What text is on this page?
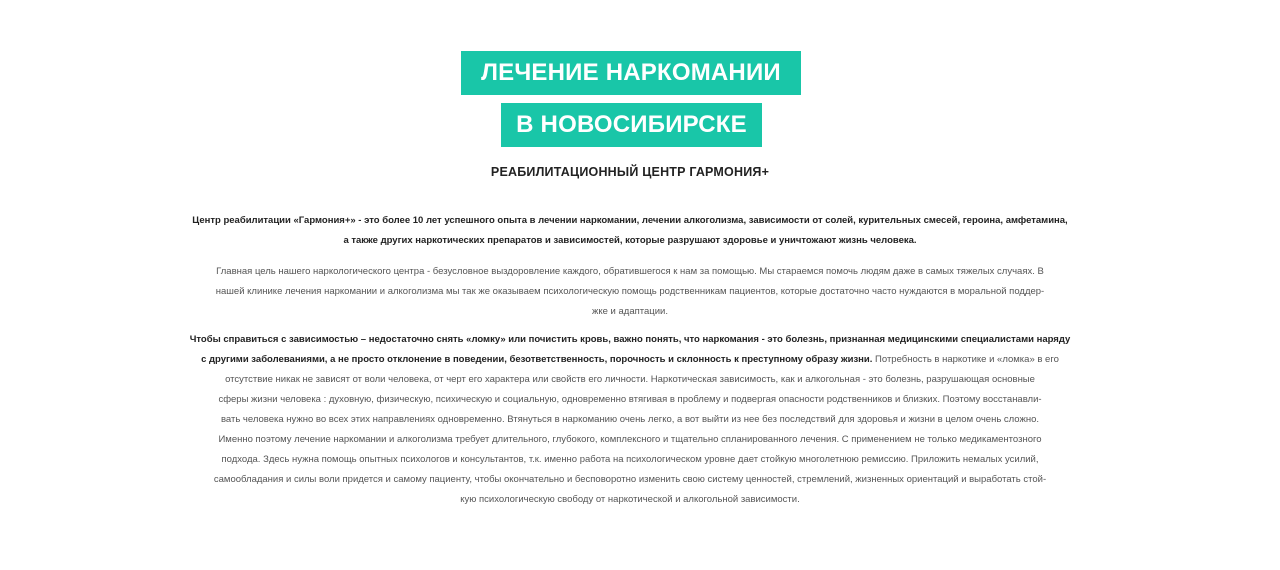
ЛЕЧЕНИЕ НАРКОМАНИИ
В НОВОСИБИРСКЕ
РЕАБИЛИТАЦИОННЫЙ ЦЕНТР ГАРМОНИЯ+
Центр реабилитации «Гармония+» - это более 10 лет успешного опыта в лечении наркомании, лечении алкоголизма, зависимости от солей, курительных смесей, героина, амфетамина,
а также других наркотических препаратов и зависимостей, которые разрушают здоровье и уничтожают жизнь человека.
Главная цель нашего наркологического центра - безусловное выздоровление каждого, обратившегося к нам за помощью. Мы стараемся помочь людям даже в самых тяжелых случаях. В
нашей клинике лечения наркомании и алкоголизма мы так же оказываем психологическую помощь родственникам пациентов, которые достаточно часто нуждаются в моральной поддер-
жке и адаптации.
Чтобы справиться с зависимостью – недостаточно снять «ломку» или почистить кровь, важно понять, что наркомания - это болезнь, признанная медицинскими специалистами наряду
с другими заболеваниями, а не просто отклонение в поведении, безответственность, порочность и склонность к преступному образу жизни. Потребность в наркотике и «ломка» в его
отсутствие никак не зависят от воли человека, от черт его характера или свойств его личности. Наркотическая зависимость, как и алкогольная - это болезнь, разрушающая основные
сферы жизни человека : духовную, физическую, психическую и социальную, одновременно втягивая в проблему и подвергая опасности родственников и близких. Поэтому восстанавли-
вать человека нужно во всех этих направлениях одновременно. Втянуться в наркоманию очень легко, а вот выйти из нее без последствий для здоровья и жизни в целом очень сложно.
Именно поэтому лечение наркомании и алкоголизма требует длительного, глубокого, комплексного и тщательно спланированного лечения. С применением не только медикаментозного
подхода. Здесь нужна помощь опытных психологов и консультантов, т.к. именно работа на психологическом уровне дает стойкую многолетнюю ремиссию. Приложить немалых усилий,
самообладания и силы воли придется и самому пациенту, чтобы окончательно и бесповоротно изменить свою систему ценностей, стремлений, жизненных ориентаций и выработать стой-
кую психологическую свободу от наркотической и алкогольной зависимости.
